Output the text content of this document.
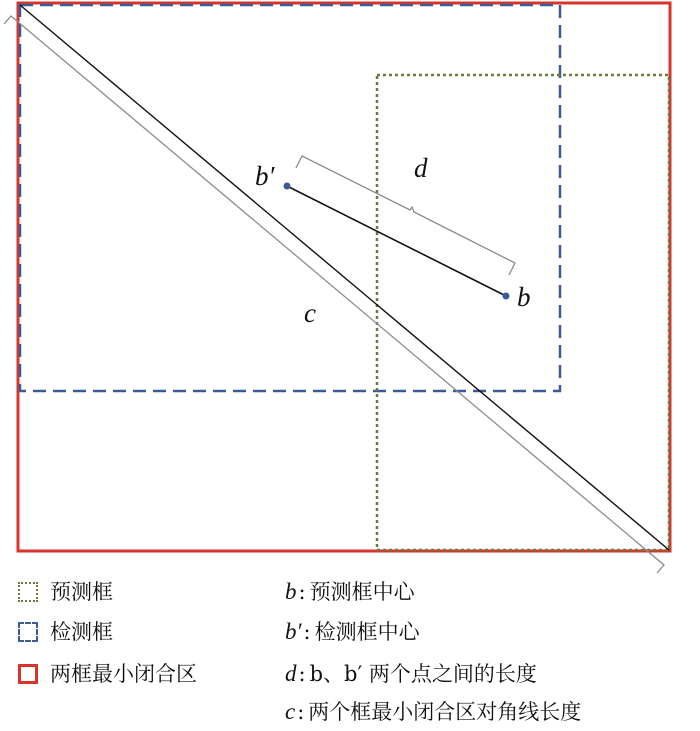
b′	d
b
c
预测框
检测框
两框最小闭合区
b : 预测框中心
b′ : 检测框中心
d : b、b′ 两个点之间的长度
c : 两个框最小闭合区对角线长度
